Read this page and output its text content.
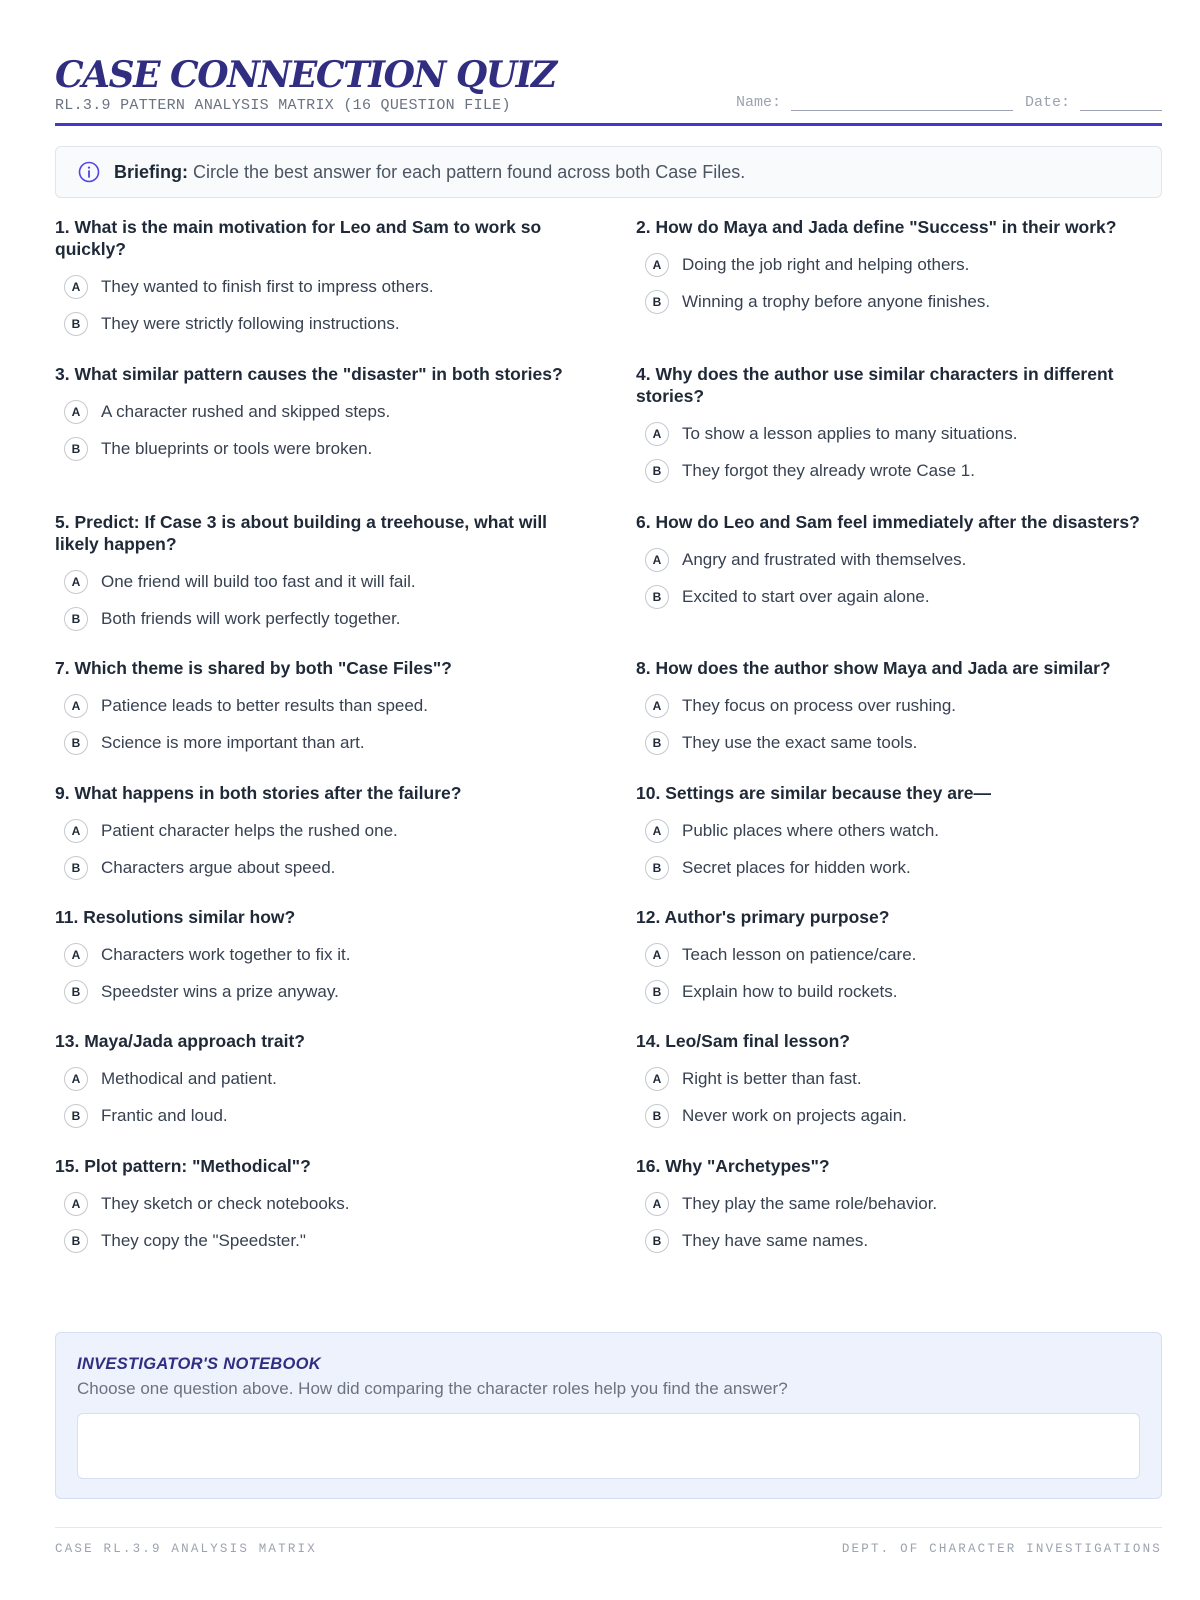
CASE CONNECTION QUIZ
RL.3.9 PATTERN ANALYSIS MATRIX (16 QUESTION FILE)	Name:	Date:
Briefing: Circle the best answer for each pattern found across both Case Files.
1. What is the main motivation for Leo and Sam to work so quickly?
A	They wanted to finish first to impress others.
B	They were strictly following instructions.
2. How do Maya and Jada define "Success" in their work?
A	Doing the job right and helping others.
B	Winning a trophy before anyone finishes.
3. What similar pattern causes the "disaster" in both stories?
A	A character rushed and skipped steps.
B	The blueprints or tools were broken.
4. Why does the author use similar characters in different stories?
A	To show a lesson applies to many situations.
B	They forgot they already wrote Case 1.
5. Predict: If Case 3 is about building a treehouse, what will likely happen?
A	One friend will build too fast and it will fail.
B	Both friends will work perfectly together.
6. How do Leo and Sam feel immediately after the disasters?
A	Angry and frustrated with themselves.
B	Excited to start over again alone.
7. Which theme is shared by both "Case Files"?
A	Patience leads to better results than speed.
B	Science is more important than art.
8. How does the author show Maya and Jada are similar?
A	They focus on process over rushing.
B	They use the exact same tools.
9. What happens in both stories after the failure?
A	Patient character helps the rushed one.
B	Characters argue about speed.
10. Settings are similar because they are—
A	Public places where others watch.
B	Secret places for hidden work.
11. Resolutions similar how?
A	Characters work together to fix it.
B	Speedster wins a prize anyway.
12. Author's primary purpose?
A	Teach lesson on patience/care.
B	Explain how to build rockets.
13. Maya/Jada approach trait?
A	Methodical and patient.
B	Frantic and loud.
14. Leo/Sam final lesson?
A	Right is better than fast.
B	Never work on projects again.
15. Plot pattern: "Methodical"?
A	They sketch or check notebooks.
B	They copy the "Speedster."
16. Why "Archetypes"?
A	They play the same role/behavior.
B	They have same names.
INVESTIGATOR'S NOTEBOOK
Choose one question above. How did comparing the character roles help you find the answer?
CASE RL.3.9 ANALYSIS MATRIX	DEPT. OF CHARACTER INVESTIGATIONS
